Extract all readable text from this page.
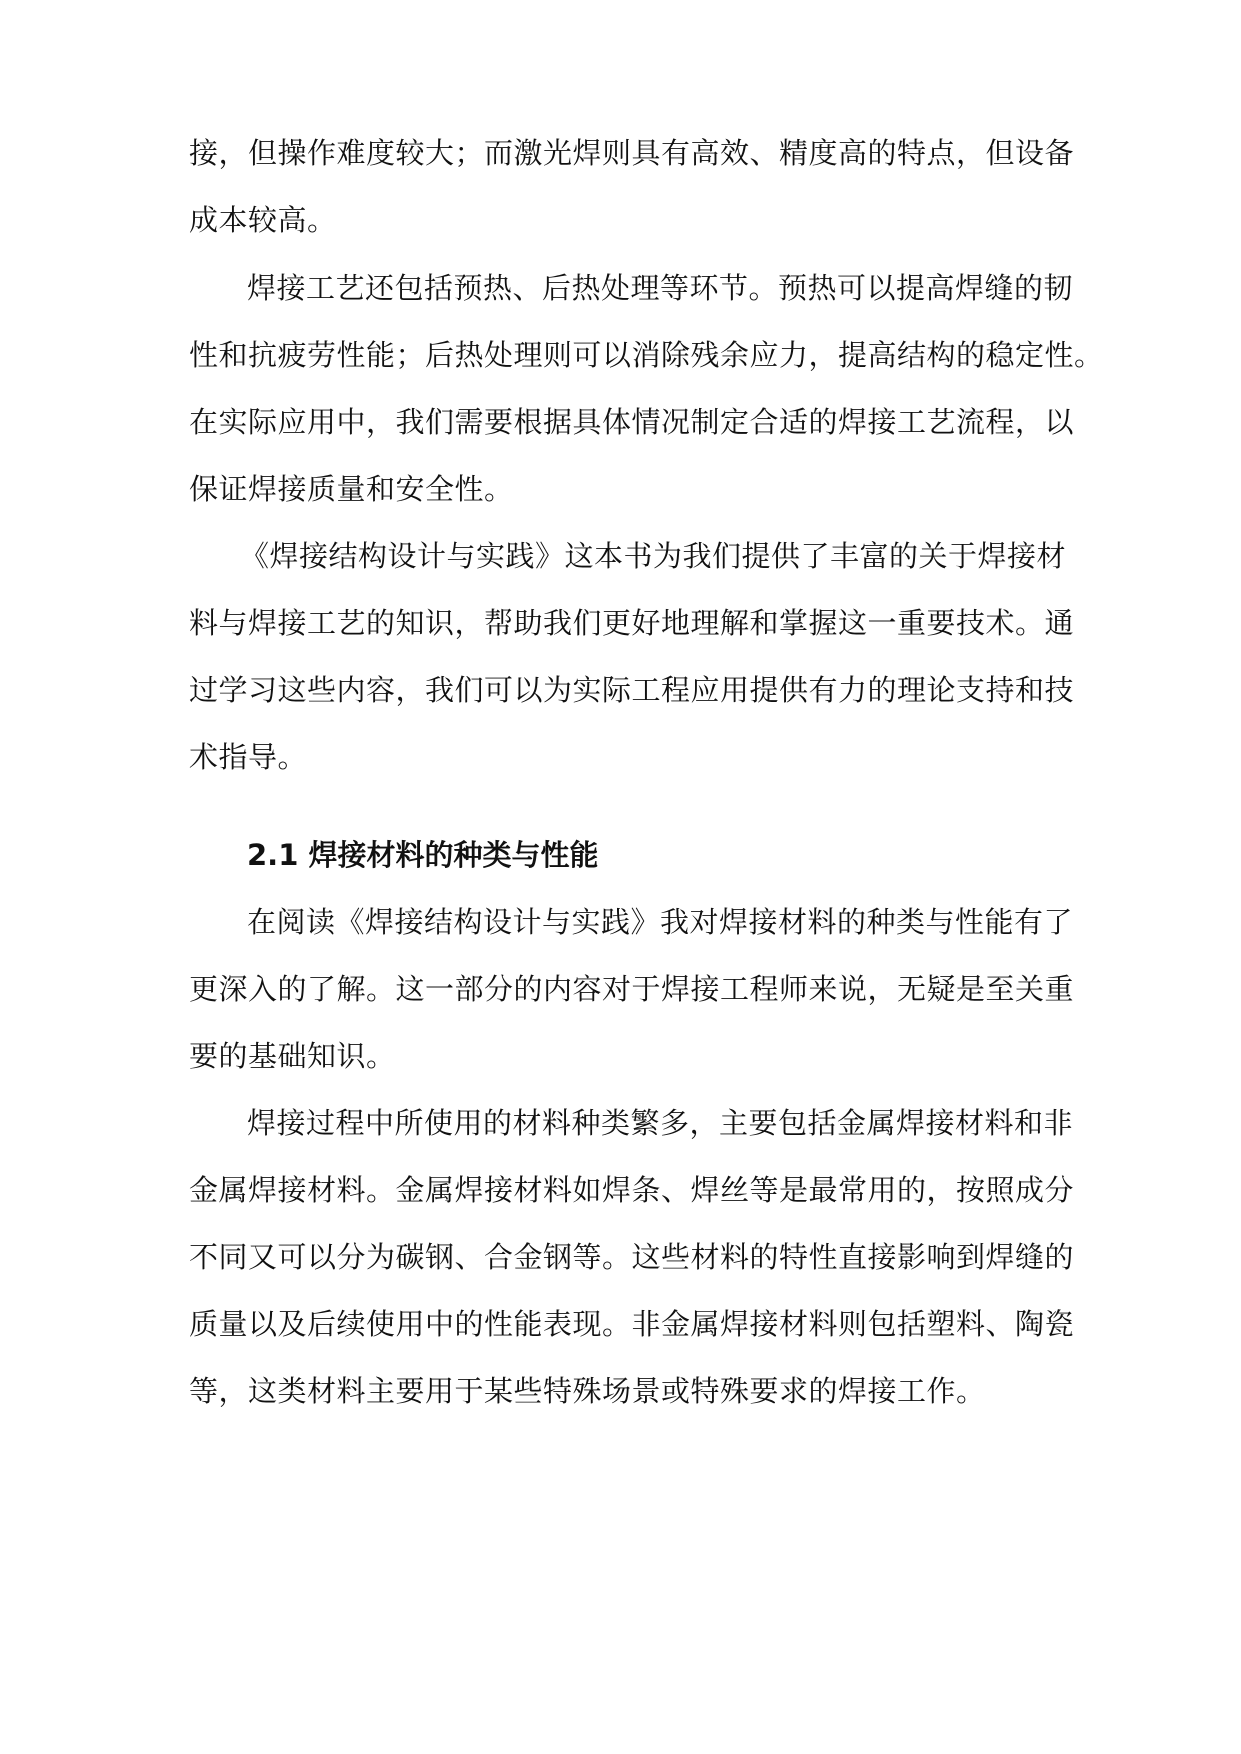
接，但操作难度较大；而激光焊则具有高效、精度高的特点，但设备
成本较高。
焊接工艺还包括预热、后热处理等环节。预热可以提高焊缝的韧
性和抗疲劳性能；后热处理则可以消除残余应力，提高结构的稳定性。
在实际应用中，我们需要根据具体情况制定合适的焊接工艺流程，以
保证焊接质量和安全性。
《焊接结构设计与实践》这本书为我们提供了丰富的关于焊接材
料与焊接工艺的知识，帮助我们更好地理解和掌握这一重要技术。通
过学习这些内容，我们可以为实际工程应用提供有力的理论支持和技
术指导。
2.1 焊接材料的种类与性能
在阅读《焊接结构设计与实践》我对焊接材料的种类与性能有了
更深入的了解。这一部分的内容对于焊接工程师来说，无疑是至关重
要的基础知识。
焊接过程中所使用的材料种类繁多，主要包括金属焊接材料和非
金属焊接材料。金属焊接材料如焊条、焊丝等是最常用的，按照成分
不同又可以分为碳钢、合金钢等。这些材料的特性直接影响到焊缝的
质量以及后续使用中的性能表现。非金属焊接材料则包括塑料、陶瓷
等，这类材料主要用于某些特殊场景或特殊要求的焊接工作。
